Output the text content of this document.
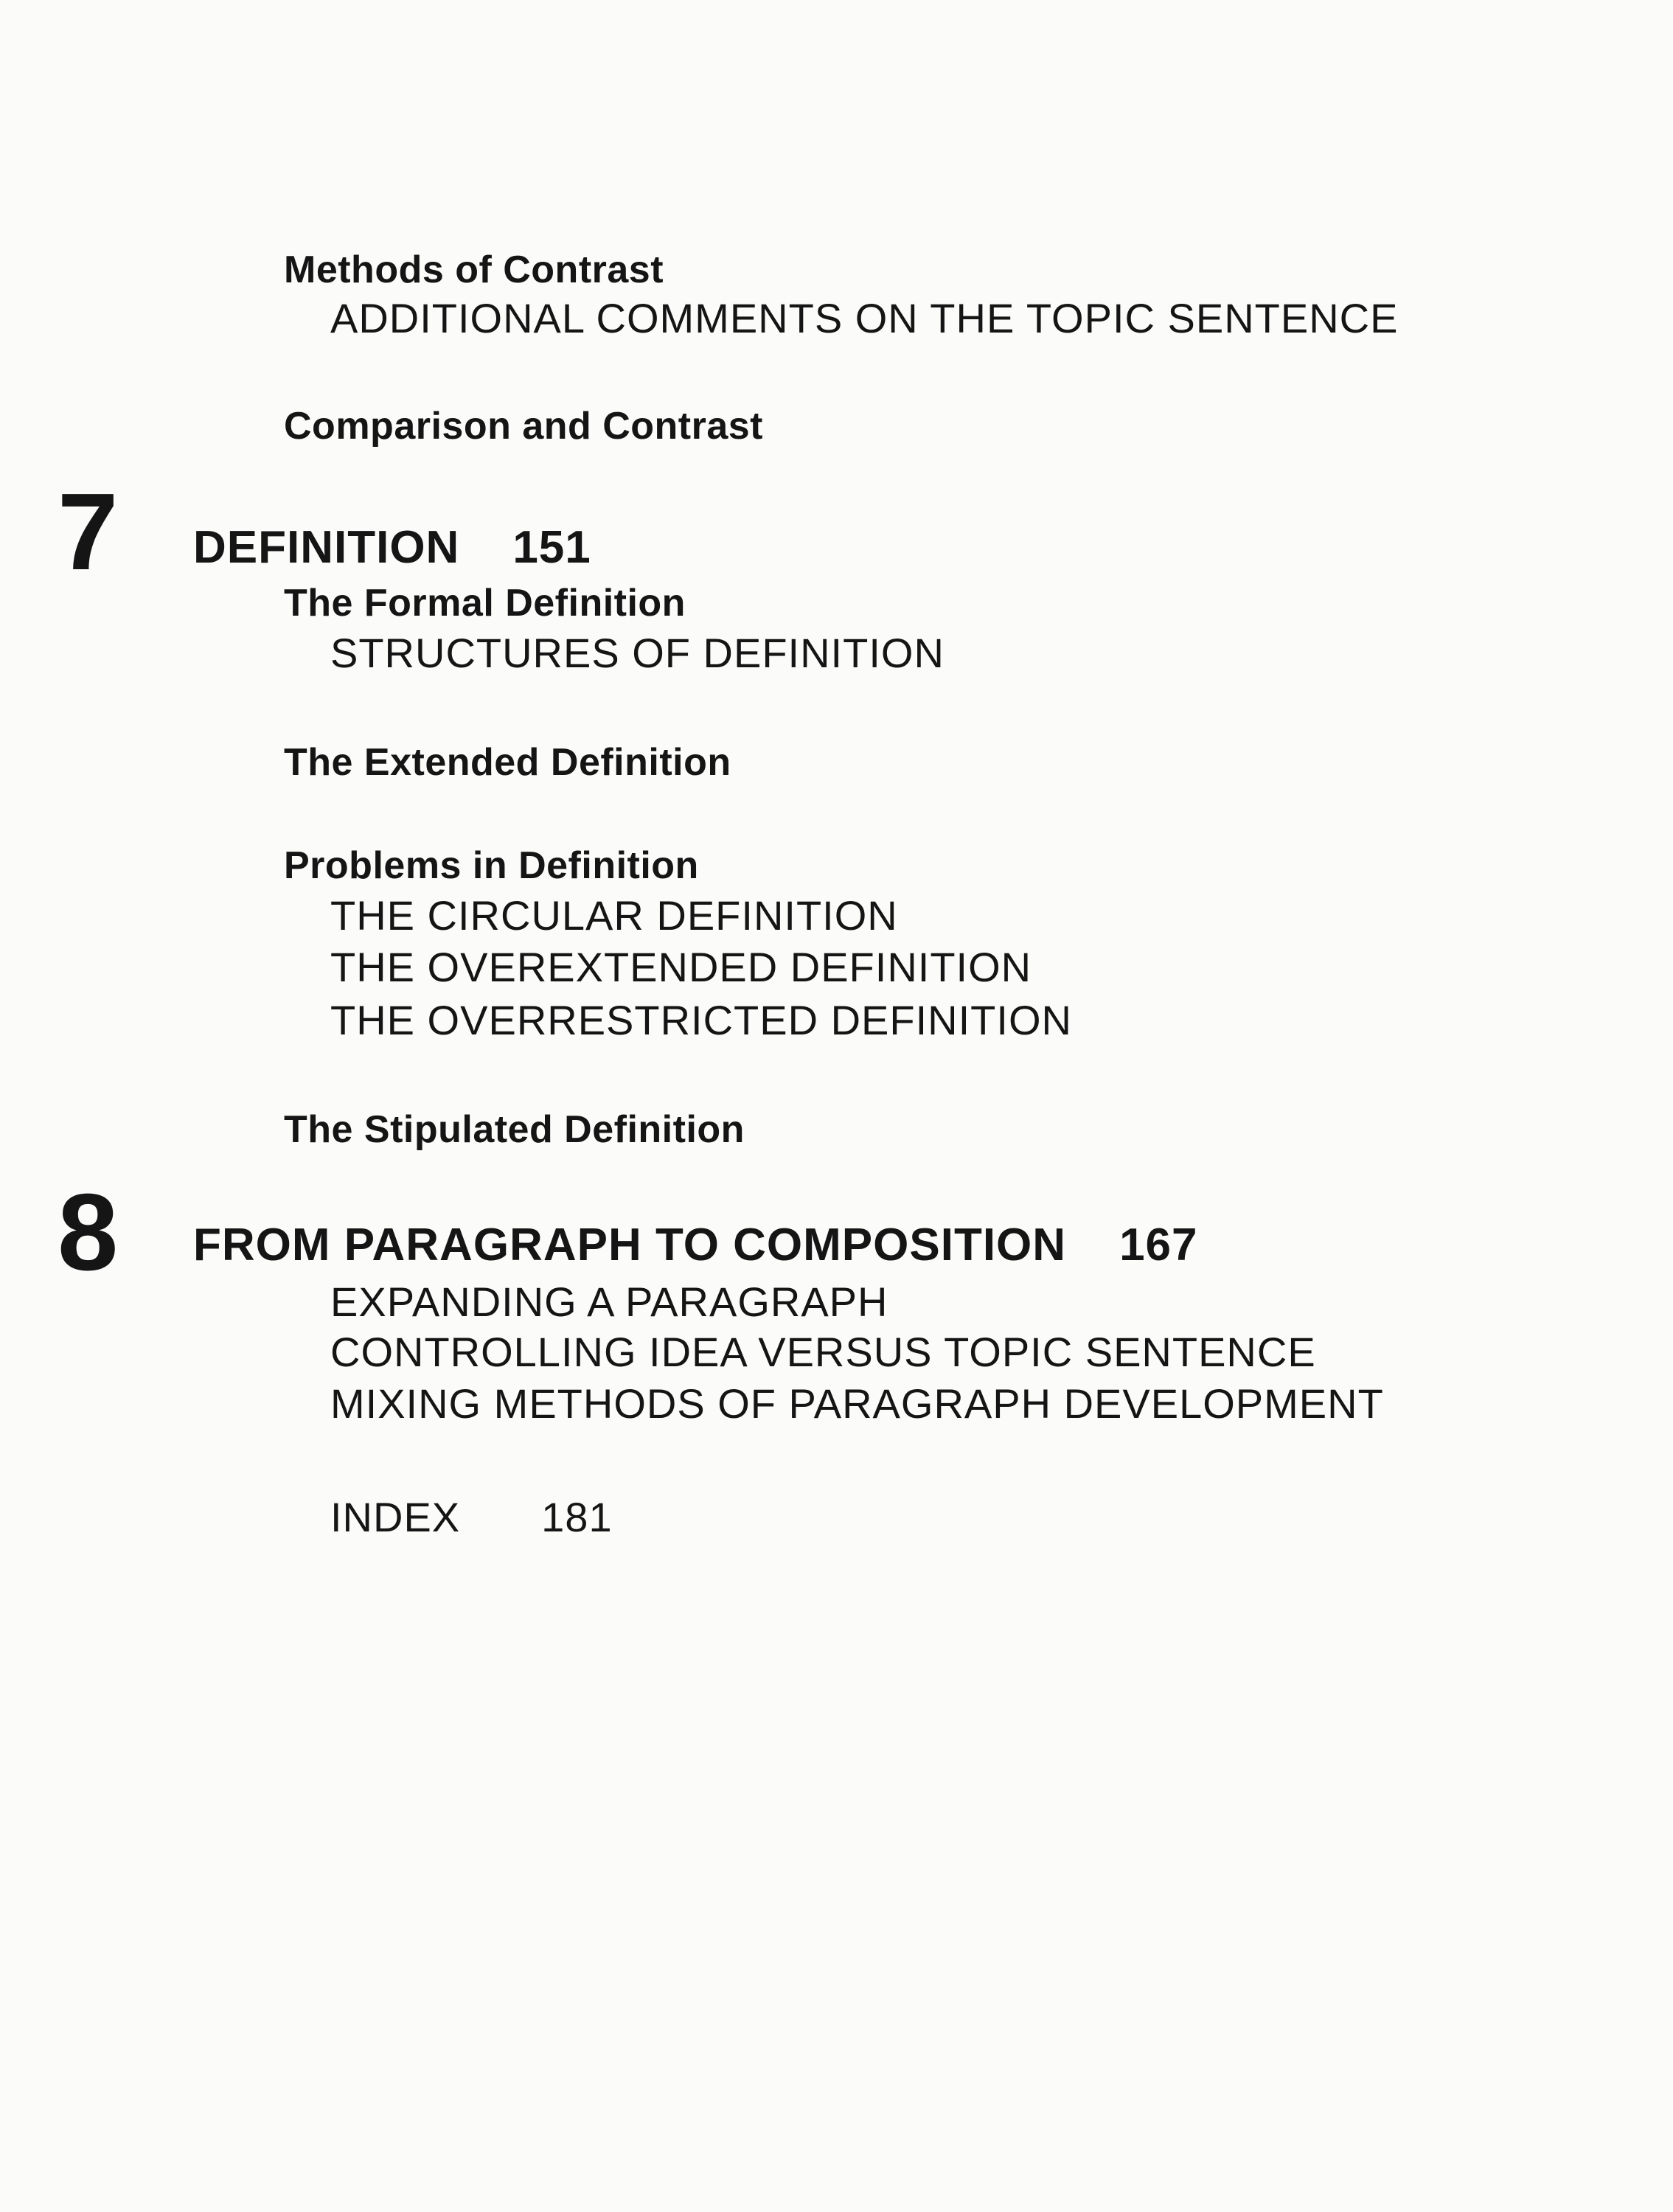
Methods of Contrast
ADDITIONAL COMMENTS ON THE TOPIC SENTENCE
Comparison and Contrast
7 DEFINITION 151
The Formal Definition
STRUCTURES OF DEFINITION
The Extended Definition
Problems in Definition
THE CIRCULAR DEFINITION
THE OVEREXTENDED DEFINITION
THE OVERRESTRICTED DEFINITION
The Stipulated Definition
8 FROM PARAGRAPH TO COMPOSITION 167
EXPANDING A PARAGRAPH
CONTROLLING IDEA VERSUS TOPIC SENTENCE
MIXING METHODS OF PARAGRAPH DEVELOPMENT
INDEX 181
